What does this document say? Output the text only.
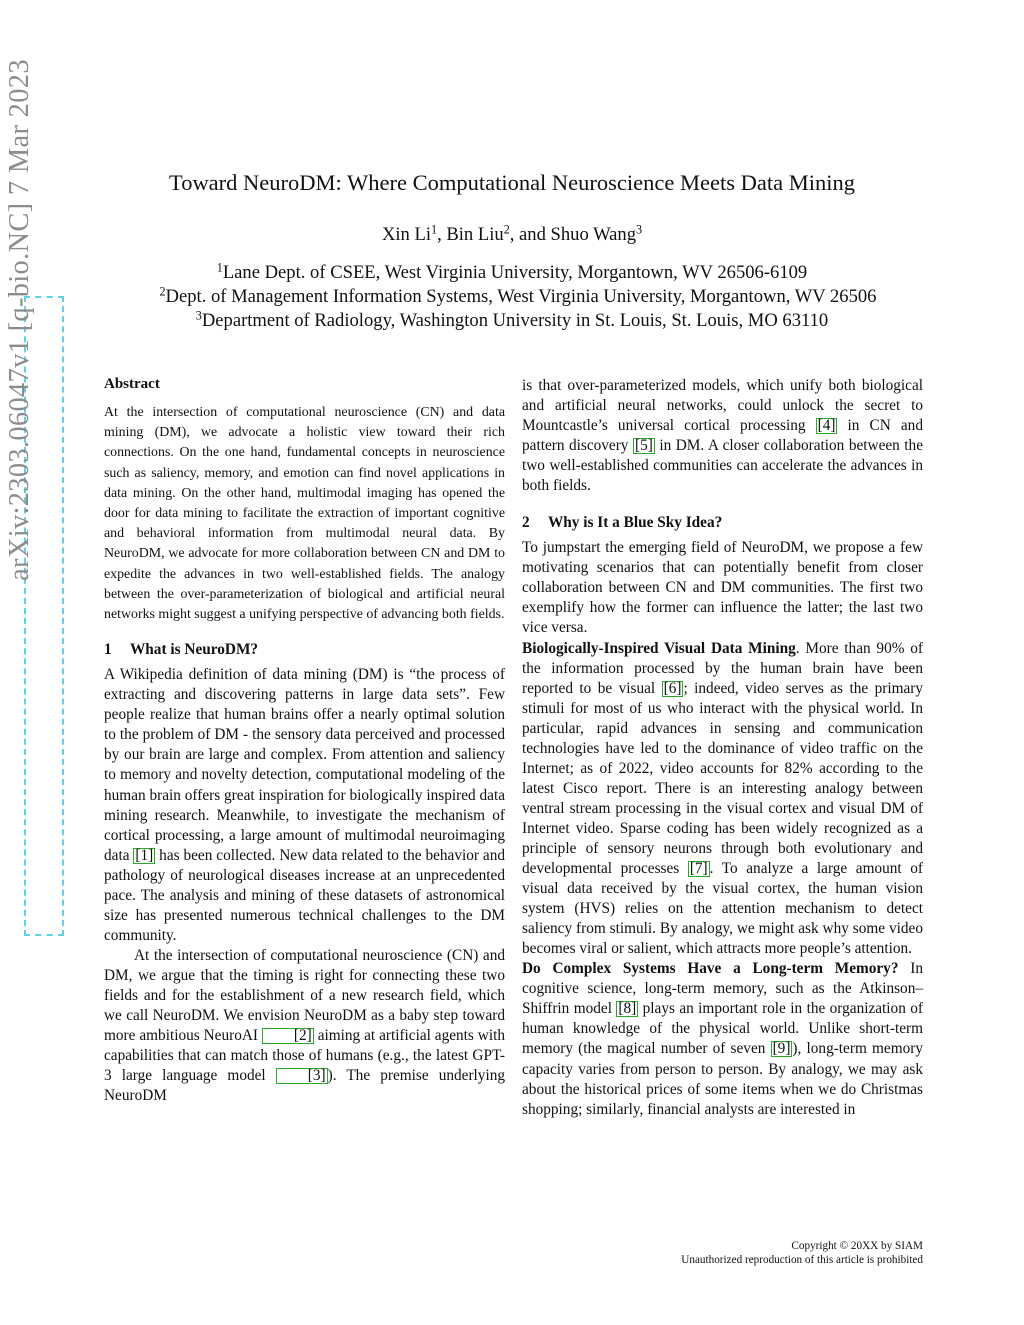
arXiv:2303.06047v1 [q-bio.NC] 7 Mar 2023	Toward NeuroDM: Where Computational Neuroscience Meets Data Mining
Xin Li$^1$, Bin Liu$^2$, and Shuo Wang$^3$
$^1$Lane Dept. of CSEE, West Virginia University, Morgantown, WV 26506-6109
$^2$Dept. of Management Information Systems, West Virginia University, Morgantown, WV 26506
$^3$Department of Radiology, Washington University in St. Louis, St. Louis, MO 63110
Abstract

At the intersection of computational neuroscience (CN) and data mining (DM), we advocate a holistic view toward their rich connections. On the one hand, fundamental concepts in neuroscience such as saliency, memory, and emotion can find novel applications in data mining. On the other hand, multimodal imaging has opened the door for data mining to facilitate the extraction of important cognitive and behavioral information from multimodal neural data. By NeuroDM, we advocate for more collaboration between CN and DM to expedite the advances in two well-established fields. The analogy between the over-parameterization of biological and artificial neural networks might suggest a unifying perspective of advancing both fields.

1 What is NeuroDM?

A Wikipedia definition of data mining (DM) is “the process of extracting and discovering patterns in large data sets”. Few people realize that human brains offer a nearly optimal solution to the problem of DM - the sensory data perceived and processed by our brain are large and complex. From attention and saliency to memory and novelty detection, computational modeling of the human brain offers great inspiration for biologically inspired data mining research. Meanwhile, to investigate the mechanism of cortical processing, a large amount of multimodal neuroimaging data [1] has been collected. New data related to the behavior and pathology of neurological diseases increase at an unprecedented pace. The analysis and mining of these datasets of astronomical size has presented numerous technical challenges to the DM community.

At the intersection of computational neuroscience (CN) and DM, we argue that the timing is right for connecting these two fields and for the establishment of a new research field, which we call NeuroDM. We envision NeuroDM as a baby step toward more ambitious NeuroAI [2] aiming at artificial agents with capabilities that can match those of humans (e.g., the latest GPT-3 large language model [3] ). The premise underlying NeuroDM

is that over-parameterized models, which unify both biological and artificial neural networks, could unlock the secret to Mountcastle’s universal cortical processing [4] in CN and pattern discovery [5] in DM. A closer collaboration between the two well-established communities can accelerate the advances in both fields.

2 Why is It a Blue Sky Idea?

To jumpstart the emerging field of NeuroDM, we propose a few motivating scenarios that can potentially benefit from closer collaboration between CN and DM communities. The first two exemplify how the former can influence the latter; the last two vice versa.

Biologically-Inspired Visual Data Mining. More than 90% of the information processed by the human brain have been reported to be visual [6] ; indeed, video serves as the primary stimuli for most of us who interact with the physical world. In particular, rapid advances in sensing and communication technologies have led to the dominance of video traffic on the Internet; as of 2022, video accounts for 82% according to the latest Cisco report. There is an interesting analogy between ventral stream processing in the visual cortex and visual DM of Internet video. Sparse coding has been widely recognized as a principle of sensory neurons through both evolutionary and developmental processes [7] . To analyze a large amount of visual data received by the visual cortex, the human vision system (HVS) relies on the attention mechanism to detect saliency from stimuli. By analogy, we might ask why some video becomes viral or salient, which attracts more people’s attention.

Do Complex Systems Have a Long-term Memory? In cognitive science, long-term memory, such as the Atkinson–Shiffrin model [8] plays an important role in the organization of human knowledge of the physical world. Unlike short-term memory (the magical number of seven [9] ), long-term memory capacity varies from person to person. By analogy, we may ask about the historical prices of some items when we do Christmas shopping; similarly, financial analysts are interested in

Copyright © 20XX by SIAM
Unauthorized reproduction of this article is prohibited
